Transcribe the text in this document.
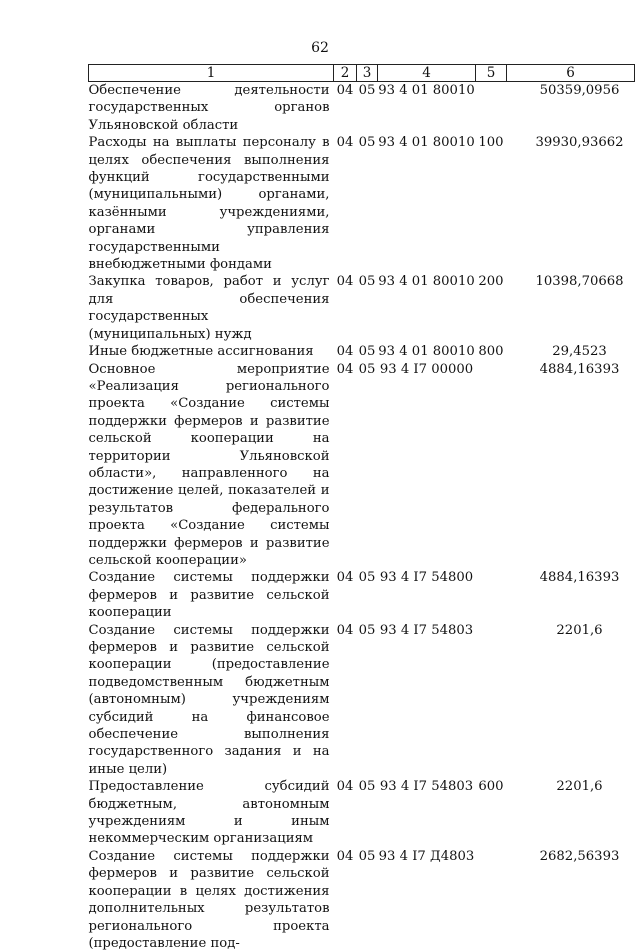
62
1	2	3	4	5	6
Обеспечение деятельности государственных органов Ульяновской области	04	05	93 4 01 80010		50359,0956
Расходы на выплаты персоналу в целях обеспечения выполнения функций государственными (муниципальными) органами, казёнными учреждениями, органами управления государственными внебюджетными фондами	04	05	93 4 01 80010	100	39930,93662
Закупка товаров, работ и услуг для обеспечения государственных (муниципальных) нужд	04	05	93 4 01 80010	200	10398,70668
Иные бюджетные ассигнования	04	05	93 4 01 80010	800	29,4523
Основное мероприятие «Реализация регионального проекта «Создание системы поддержки фермеров и развитие сельской кооперации на территории Ульяновской области», направленного на достижение целей, показателей и результатов федерального проекта «Создание системы поддержки фермеров и развитие сельской кооперации»	04	05	93 4 I7 00000		4884,16393
Создание системы поддержки фермеров и развитие сельской кооперации	04	05	93 4 I7 54800		4884,16393
Создание системы поддержки фермеров и развитие сельской кооперации (предоставление подведомственным бюджетным (автономным) учреждениям субсидий на финансовое обеспечение выполнения государственного задания и на иные цели)	04	05	93 4 I7 54803		2201,6
Предоставление субсидий бюджетным, автономным учреждениям и иным некоммерческим организациям	04	05	93 4 I7 54803	600	2201,6
Создание системы поддержки фермеров и развитие сельской кооперации в целях достижения дополнительных результатов регионального проекта (предоставление под-	04	05	93 4 I7 Д4803		2682,56393
